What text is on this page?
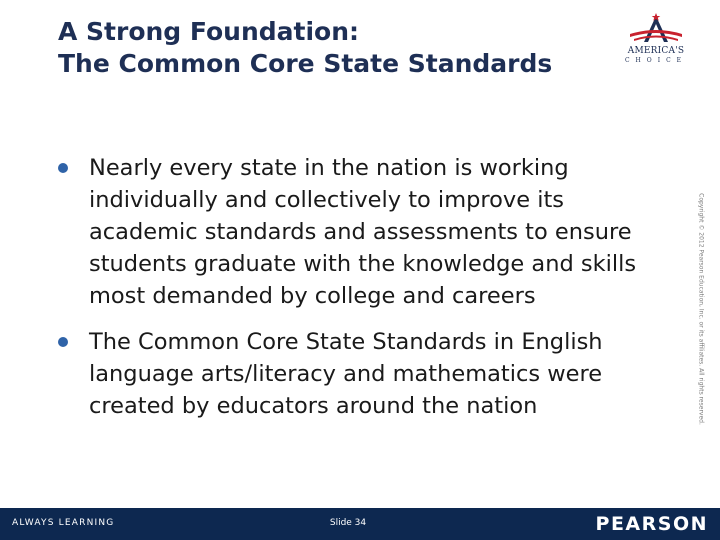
A Strong Foundation:
The Common Core State Standards	AMERICA'S
CHOICE
Nearly every state in the nation is working individually and collectively to improve its academic standards and assessments to ensure students graduate with the knowledge and skills most demanded by college and careers
The Common Core State Standards in English language arts/literacy and mathematics were created by educators around the nation	Copyright © 2012 Pearson Education, Inc. or its affiliates. All rights reserved.
ALWAYS LEARNING	Slide 34	PEARSON
